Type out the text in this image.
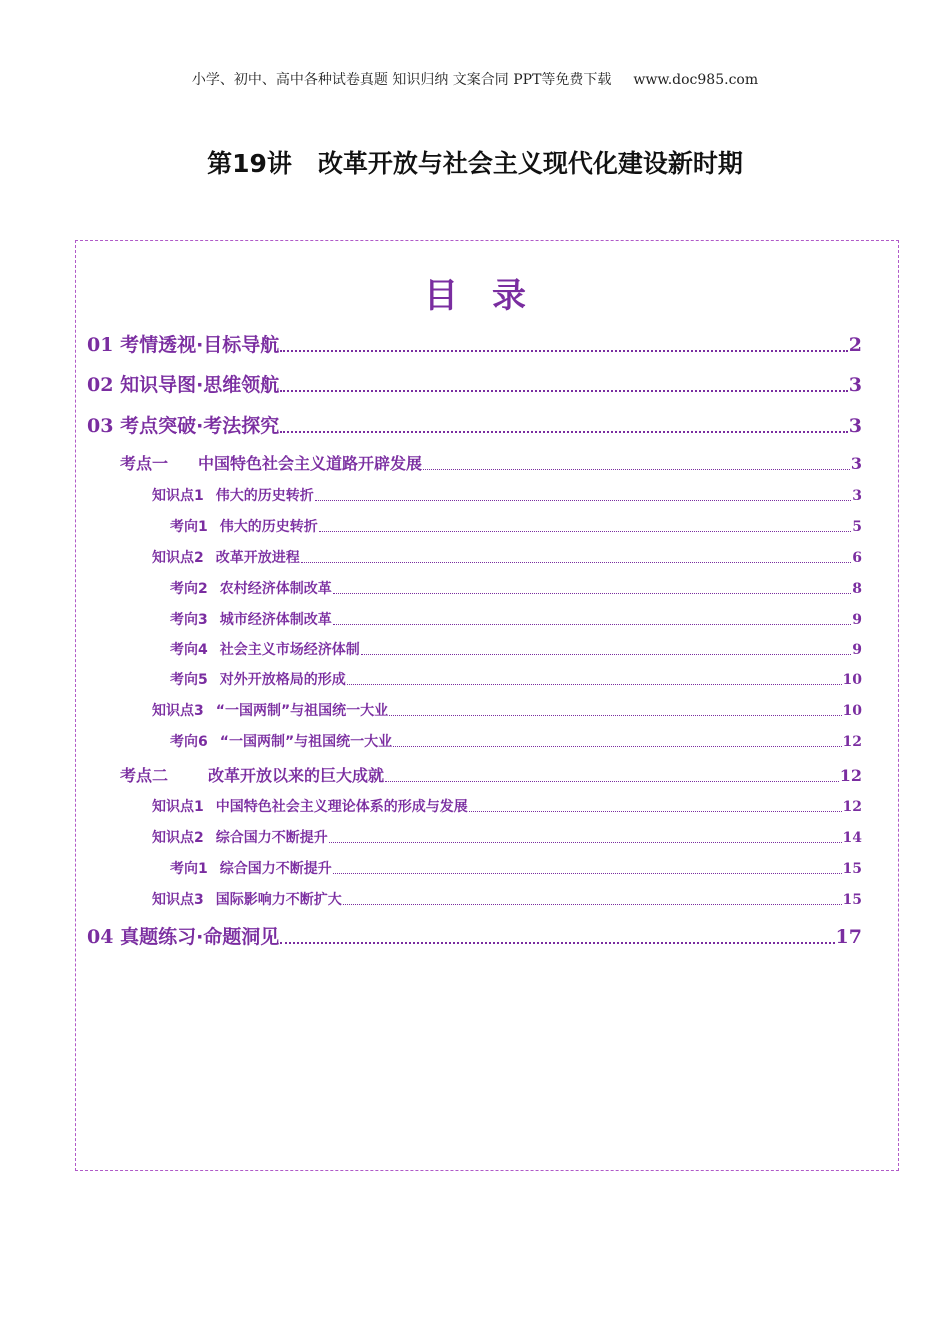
小学、初中、高中各种试卷真题 知识归纳 文案合同 PPT等免费下载 www.doc985.com
第19讲 改革开放与社会主义现代化建设新时期
目录
01 考情透视·目标导航	2
02 知识导图·思维领航	3
03 考点突破·考法探究	3
考点一 中国特色社会主义道路开辟发展	3
知识点1 伟大的历史转折	3
考向1 伟大的历史转折	5
知识点2 改革开放进程	6
考向2 农村经济体制改革	8
考向3 城市经济体制改革	9
考向4 社会主义市场经济体制	9
考向5 对外开放格局的形成	10
知识点3 “一国两制”与祖国统一大业	10
考向6 “一国两制”与祖国统一大业	12
考点二	改革开放以来的巨大成就	12
知识点1 中国特色社会主义理论体系的形成与发展	12
知识点2 综合国力不断提升	14
考向1 综合国力不断提升	15
知识点3 国际影响力不断扩大	15
04 真题练习·命题洞见	17
